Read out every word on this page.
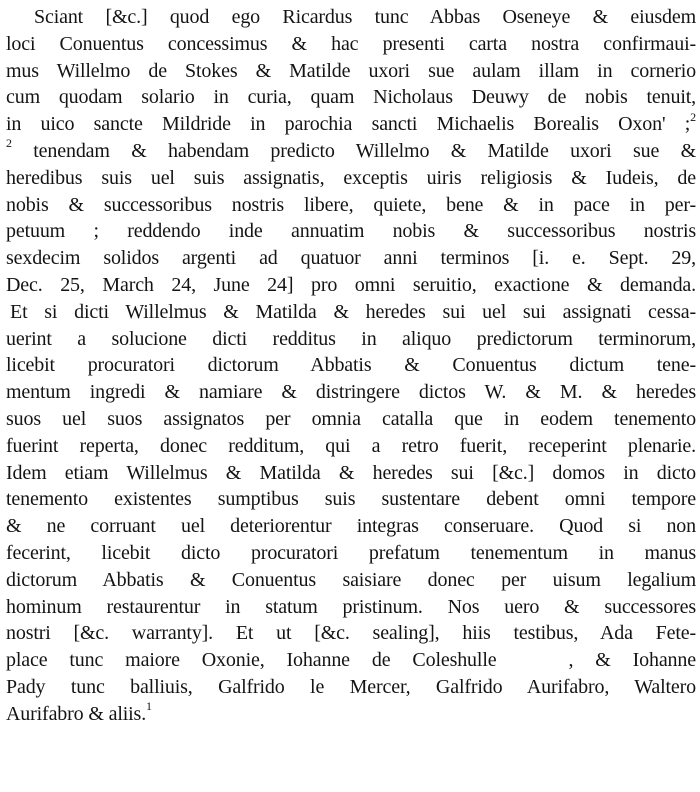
Sciant [&c.] quod ego Ricardus tunc Abbas Oseneye & eiusdem
loci Conuentus concessimus & hac presenti carta nostra confirmaui-
mus Willelmo de Stokes & Matilde uxori sue aulam illam in cornerio
cum quodam solario in curia, quam Nicholaus Deuwy de nobis tenuit,
in uico sancte Mildride in parochia sancti Michaelis Borealis Oxon' ;$^2$
$^2$ tenendam & habendam predicto Willelmo & Matilde uxori sue &
heredibus suis uel suis assignatis, exceptis uiris religiosis & Iudeis, de
nobis & successoribus nostris libere, quiete, bene & in pace in per-
petuum ; reddendo inde annuatim nobis & successoribus nostris
sexdecim solidos argenti ad quatuor anni terminos [i. e. Sept. 29,
Dec. 25, March 24, June 24] pro omni seruitio, exactione & demanda.
Et si dicti Willelmus & Matilda & heredes sui uel sui assignati cessa-
uerint a solucione dicti redditus in aliquo predictorum terminorum,
licebit procuratori dictorum Abbatis & Conuentus dictum tene-
mentum ingredi & namiare & distringere dictos W. & M. & heredes
suos uel suos assignatos per omnia catalla que in eodem tenemento
fuerint reperta, donec redditum, qui a retro fuerit, receperint plenarie.
Idem etiam Willelmus & Matilda & heredes sui [&c.] domos in dicto
tenemento existentes sumptibus suis sustentare debent omni tempore
& ne corruant uel deteriorentur integras conseruare. Quod si non
fecerint, licebit dicto procuratori prefatum tenementum in manus
dictorum Abbatis & Conuentus saisiare donec per uisum legalium
hominum restaurentur in statum pristinum. Nos uero & successores
nostri [&c. warranty]. Et ut [&c. sealing], hiis testibus, Ada Fete-
place tunc maiore Oxonie, Iohanne de Coleshulle	, & Iohanne
Pady tunc balliuis, Galfrido le Mercer, Galfrido Aurifabro, Waltero
Aurifabro & aliis.$^1$
